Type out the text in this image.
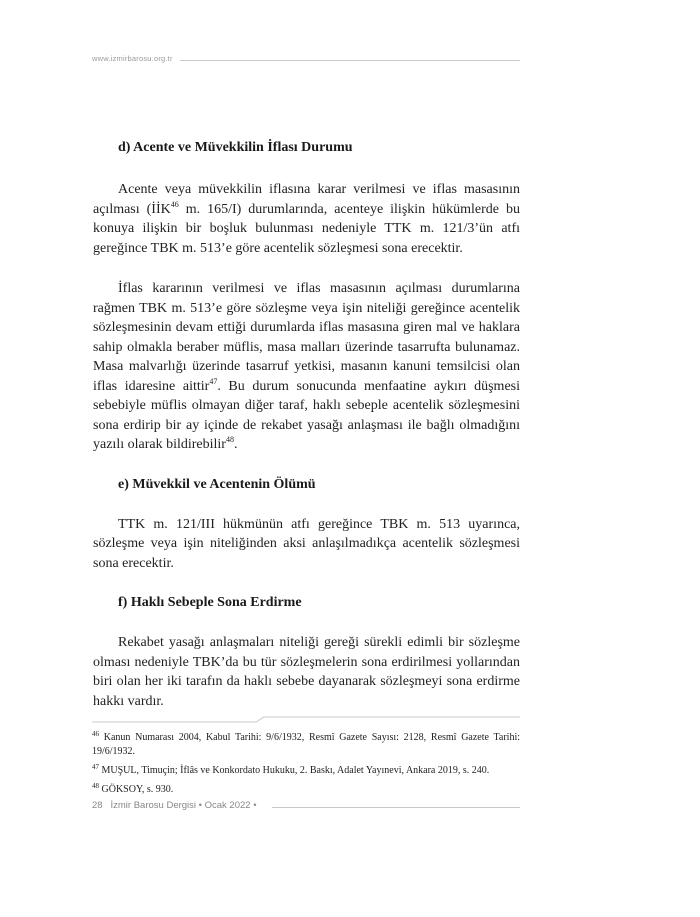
www.izmirbarosu.org.tr
d) Acente ve Müvekkilin İflası Durumu

Acente veya müvekkilin iflasına karar verilmesi ve iflas masasının açılması (İİK$^{46}$ m. 165/I) durumlarında, acenteye ilişkin hükümlerde bu konuya ilişkin bir boşluk bulunması nedeniyle TTK m. 121/3’ün atfı gereğince TBK m. 513’e göre acentelik sözleşmesi sona erecektir.

İflas kararının verilmesi ve iflas masasının açılması durumlarına rağmen TBK m. 513’e göre sözleşme veya işin niteliği gereğince acentelik sözleşmesinin devam ettiği durumlarda iflas masasına giren mal ve haklara sahip olmakla beraber müflis, masa malları üzerinde tasarrufta bulunamaz. Masa malvarlığı üzerinde tasarruf yetkisi, masanın kanuni temsilcisi olan iflas idaresine aittir$^{47}$. Bu durum sonucunda menfaatine aykırı düşmesi sebebiyle müflis olmayan diğer taraf, haklı sebeple acentelik sözleşmesini sona erdirip bir ay içinde de rekabet yasağı anlaşması ile bağlı olmadığını yazılı olarak bildirebilir$^{48}$.

e) Müvekkil ve Acentenin Ölümü

TTK m. 121/III hükmünün atfı gereğince TBK m. 513 uyarınca, sözleşme veya işin niteliğinden aksi anlaşılmadıkça acentelik sözleşmesi sona erecektir.

f) Haklı Sebeple Sona Erdirme

Rekabet yasağı anlaşmaları niteliği gereği sürekli edimli bir sözleşme olması nedeniyle TBK’da bu tür sözleşmelerin sona erdirilmesi yollarından biri olan her iki tarafın da haklı sebebe dayanarak sözleşmeyi sona erdirme hakkı vardır.

$^{46}$ Kanun Numarası 2004, Kabul Tarihi: 9/6/1932, Resmî Gazete Sayısı: 2128, Resmî Gazete Tarihi: 19/6/1932.

$^{47}$ MUŞUL, Timuçin; İflâs ve Konkordato Hukuku, 2. Baskı, Adalet Yayınevi, Ankara 2019, s. 240.

$^{48}$ GÖKSOY, s. 930.

28 İzmir Barosu Dergisi • Ocak 2022 •
